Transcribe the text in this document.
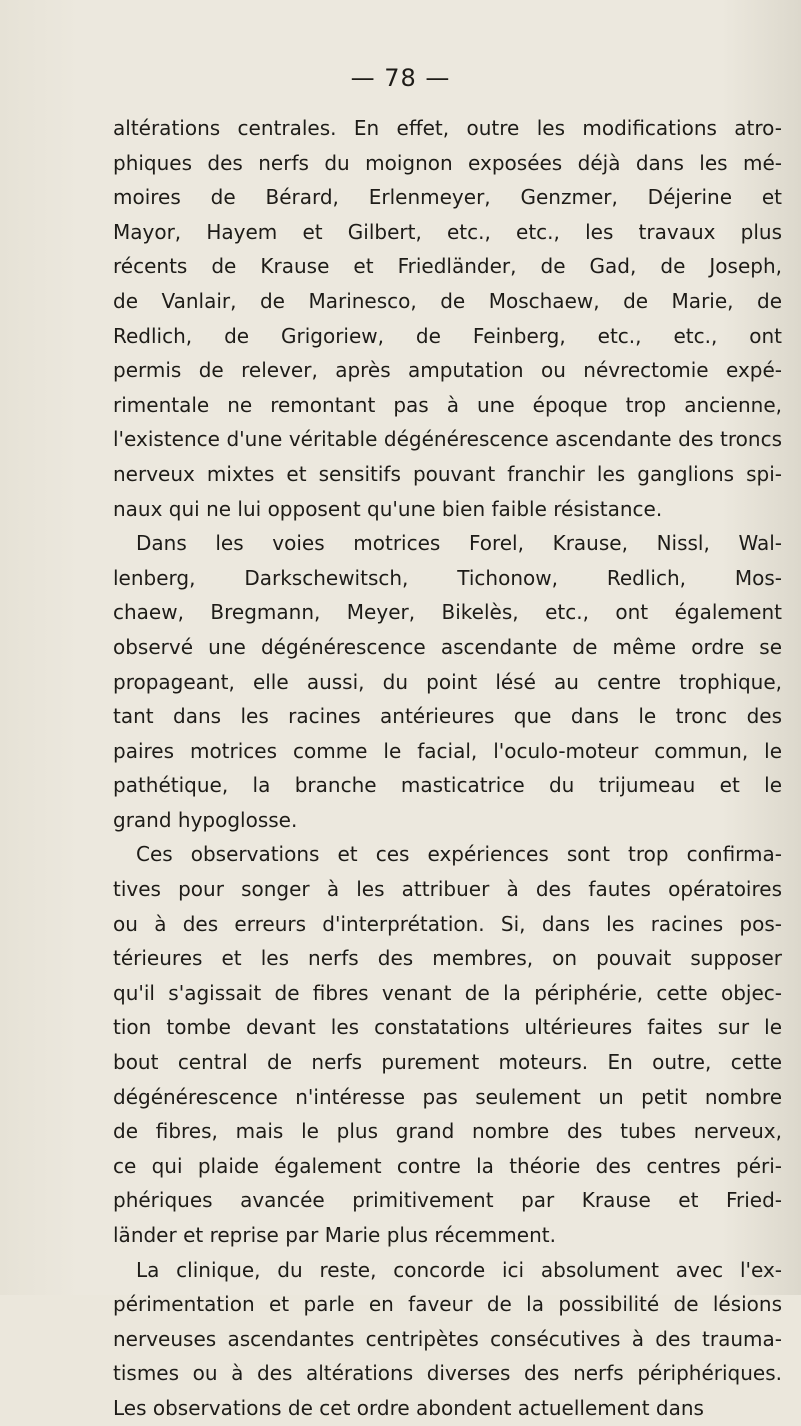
— 78 —
altérations centrales. En effet, outre les modifications atro-
phiques des nerfs du moignon exposées déjà dans les mé-
moires de Bérard, Erlenmeyer, Genzmer, Déjerine et
Mayor, Hayem et Gilbert, etc., etc., les travaux plus
récents de Krause et Friedländer, de Gad, de Joseph,
de Vanlair, de Marinesco, de Moschaew, de Marie, de
Redlich, de Grigoriew, de Feinberg, etc., etc., ont
permis de relever, après amputation ou névrectomie expé-
rimentale ne remontant pas à une époque trop ancienne,
l'existence d'une véritable dégénérescence ascendante des troncs
nerveux mixtes et sensitifs pouvant franchir les ganglions spi-
naux qui ne lui opposent qu'une bien faible résistance.
Dans les voies motrices Forel, Krause, Nissl, Wal-
lenberg, Darkschewitsch, Tichonow, Redlich, Mos-
chaew, Bregmann, Meyer, Bikelès, etc., ont également
observé une dégénérescence ascendante de même ordre se
propageant, elle aussi, du point lésé au centre trophique,
tant dans les racines antérieures que dans le tronc des
paires motrices comme le facial, l'oculo-moteur commun, le
pathétique, la branche masticatrice du trijumeau et le
grand hypoglosse.
Ces observations et ces expériences sont trop confirma-
tives pour songer à les attribuer à des fautes opératoires
ou à des erreurs d'interprétation. Si, dans les racines pos-
térieures et les nerfs des membres, on pouvait supposer
qu'il s'agissait de fibres venant de la périphérie, cette objec-
tion tombe devant les constatations ultérieures faites sur le
bout central de nerfs purement moteurs. En outre, cette
dégénérescence n'intéresse pas seulement un petit nombre
de fibres, mais le plus grand nombre des tubes nerveux,
ce qui plaide également contre la théorie des centres péri-
phériques avancée primitivement par Krause et Fried-
länder et reprise par Marie plus récemment.
La clinique, du reste, concorde ici absolument avec l'ex-
périmentation et parle en faveur de la possibilité de lésions
nerveuses ascendantes centripètes consécutives à des trauma-
tismes ou à des altérations diverses des nerfs périphériques.
Les observations de cet ordre abondent actuellement dans
